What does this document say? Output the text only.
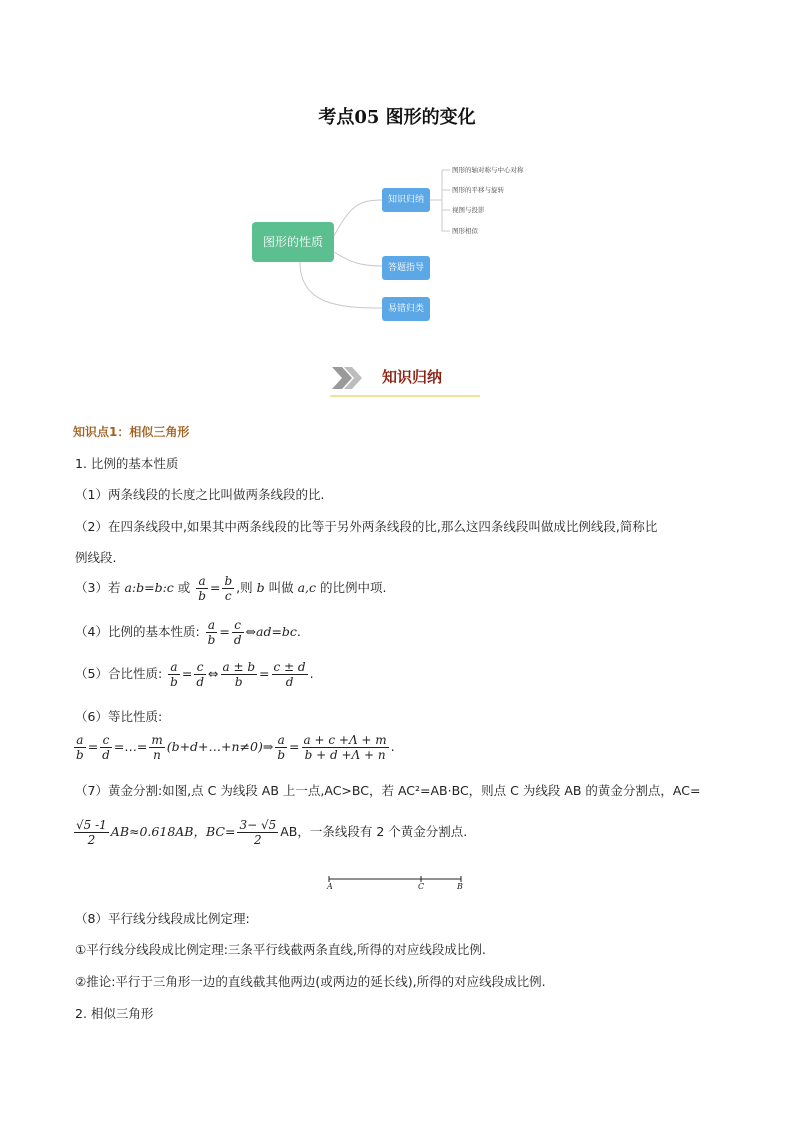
考点05 图形的变化
图形的性质
知识归纳
答题指导
易错归类
图形的轴对称与中心对称
图形的平移与旋转
视图与投影
图形相似
知识归纳
知识点1：相似三角形
1. 比例的基本性质
（1）两条线段的长度之比叫做两条线段的比.
（2）在四条线段中,如果其中两条线段的比等于另外两条线段的比,那么这四条线段叫做成比例线段,简称比
例线段.
（3）若 a:b=b:c 或 $\frac{a}{b} = \frac{b}{c}$ ,则 b 叫做 a,c 的比例中项.
（4）比例的基本性质: $\frac{a}{b} = \frac{c}{d}$ ⇔ad=bc.
（5）合比性质: $\frac{a}{b} = \frac{c}{d}$ ⇔ $\frac{a \pm b}{b} = \frac{c \pm d}{d}$ .
（6）等比性质:
$\frac{a}{b} = \frac{c}{d}$ =…= $\frac{m}{n}$ (b+d+…+n≠0)⇒ $\frac{a}{b} = \frac{a + c +\Lambda + m}{b + d +\Lambda + n}$ .
（7）黄金分割:如图,点 C 为线段 AB 上一点,AC>BC，若 AC²=AB·BC，则点 C 为线段 AB 的黄金分割点，AC=
$\frac{√5 -1}{2} AB\approx 0.618AB$，$BC= \frac{3- √5}{2}$ AB，一条线段有 2 个黄金分割点.
A	C	B
（8）平行线分线段成比例定理:
①平行线分线段成比例定理:三条平行线截两条直线,所得的对应线段成比例.
②推论:平行于三角形一边的直线截其他两边(或两边的延长线),所得的对应线段成比例.
2. 相似三角形
